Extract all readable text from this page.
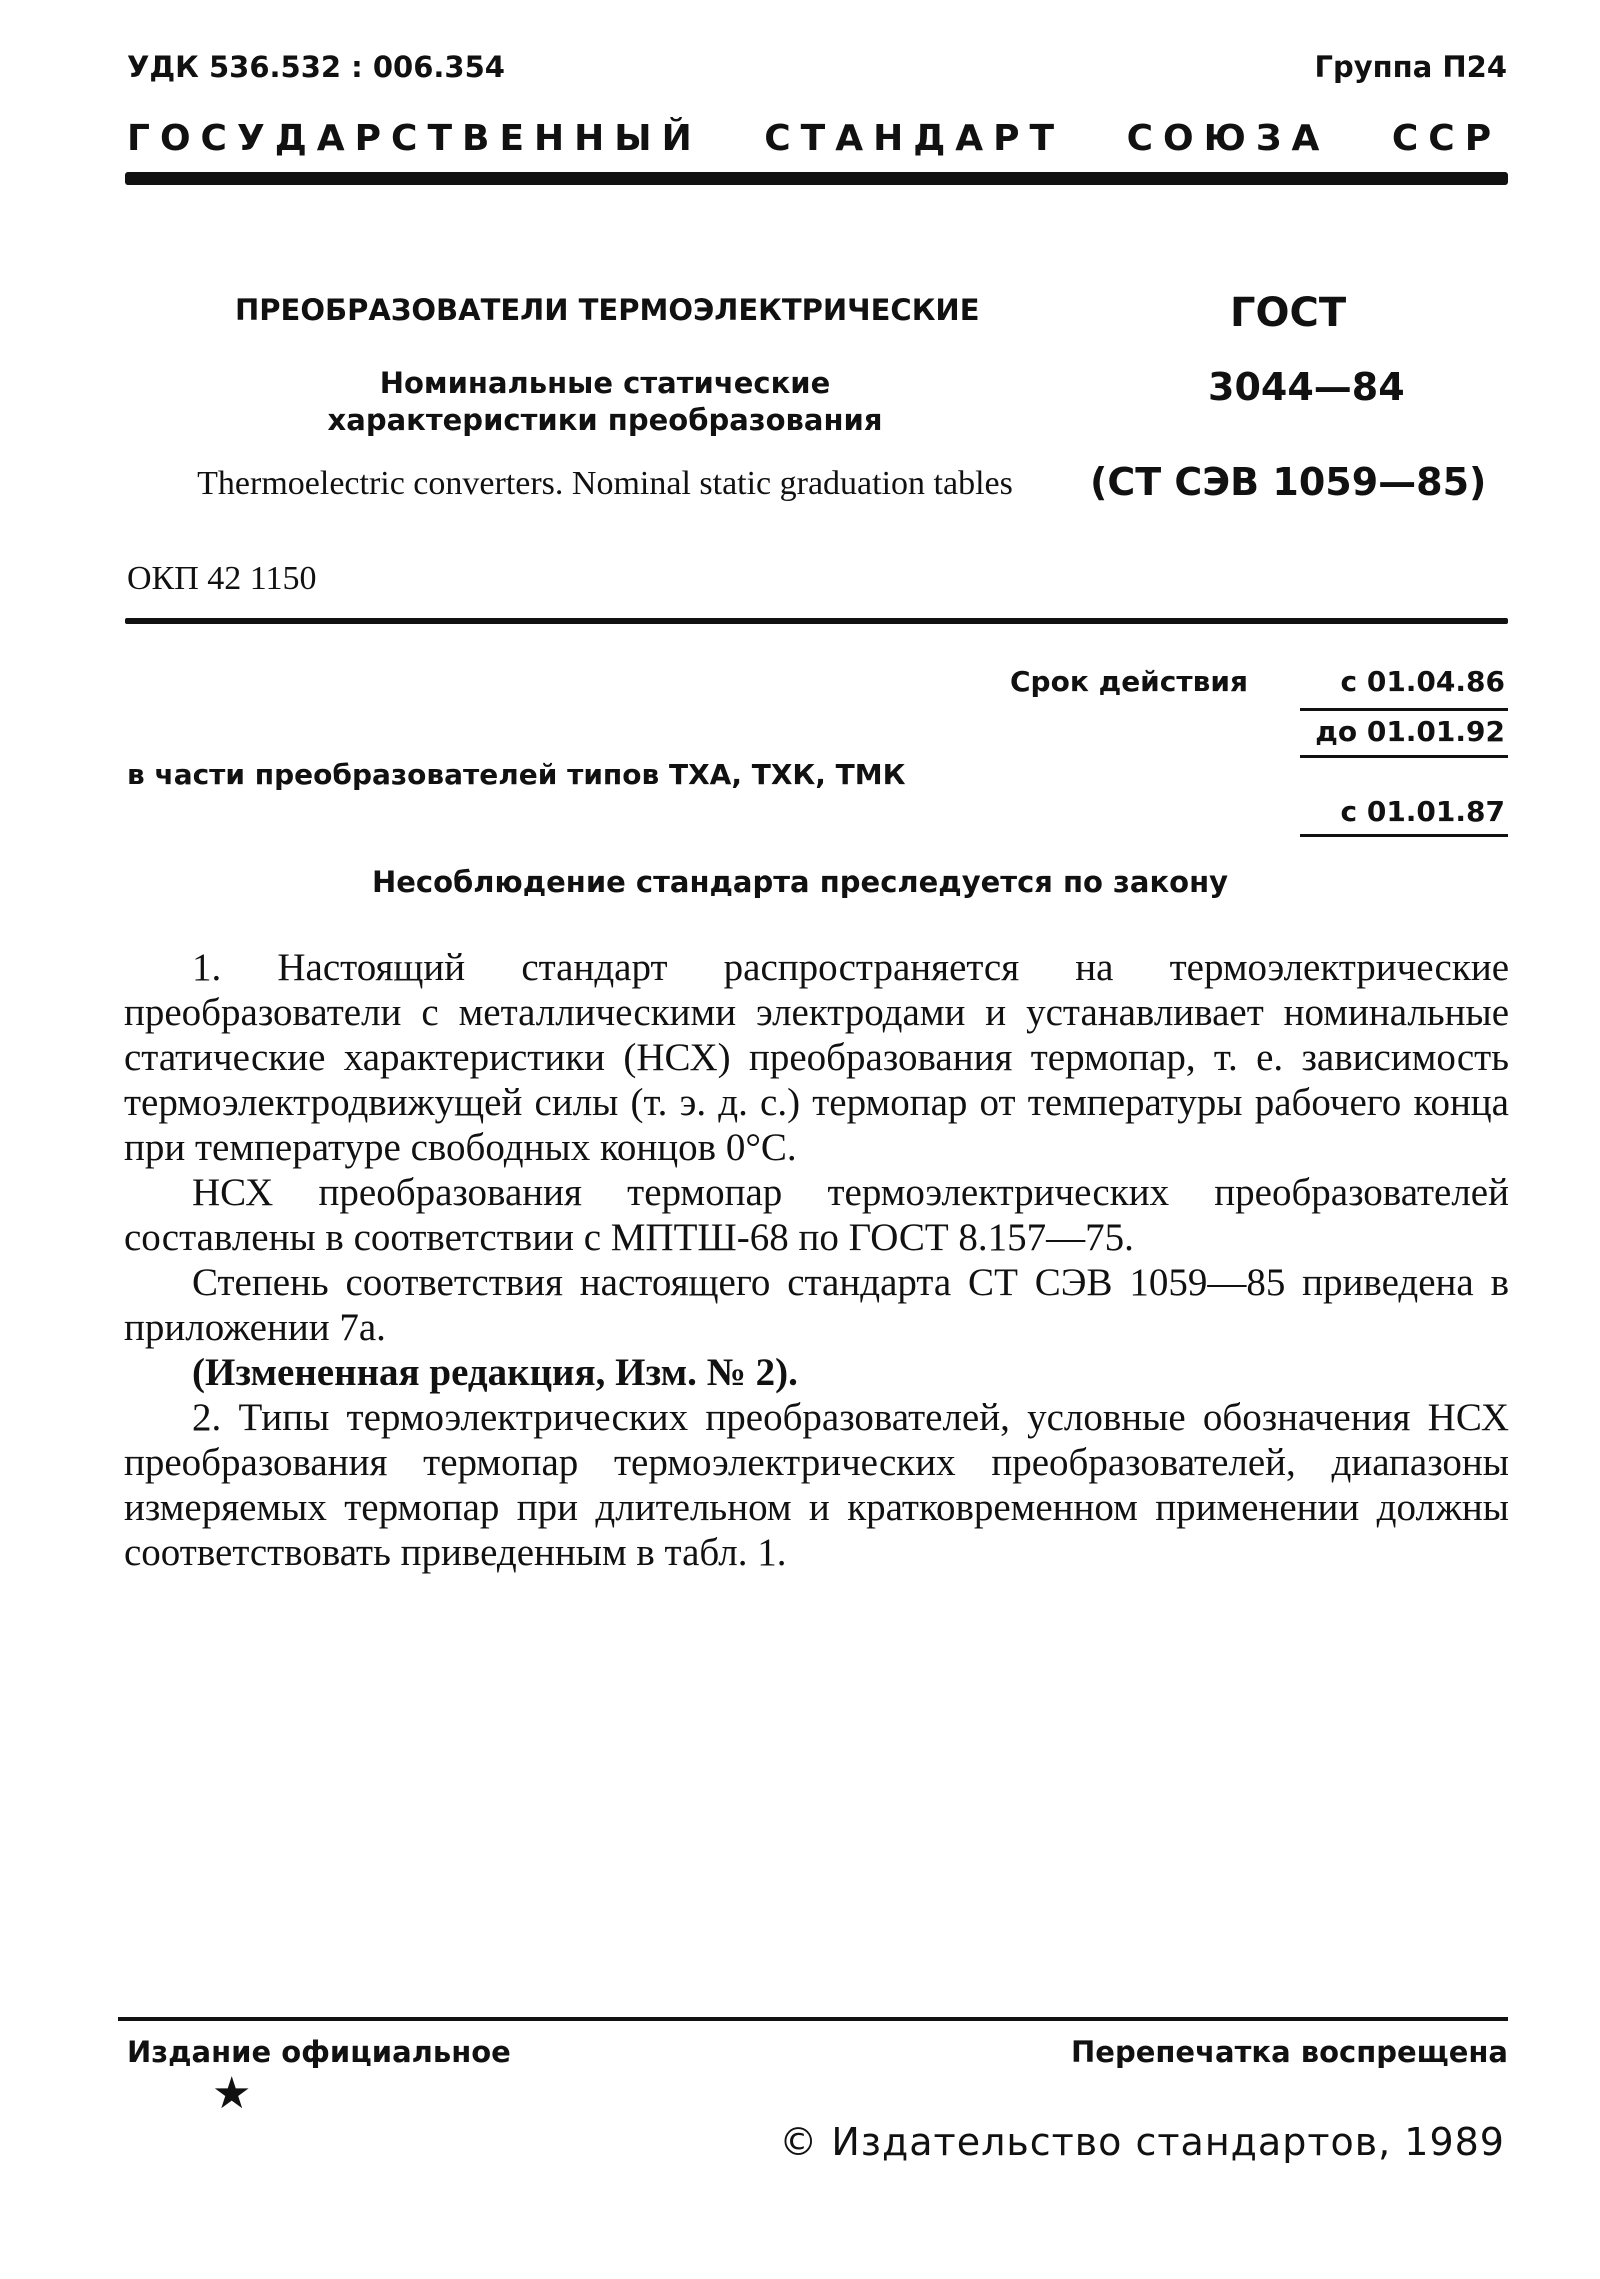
УДК 536.532 : 006.354	Группа П24
ГОСУДАРСТВЕННЫЙ СТАНДАРТ СОЮЗА ССР
ПРЕОБРАЗОВАТЕЛИ ТЕРМОЭЛЕКТРИЧЕСКИЕ
Номинальные статические характеристики преобразования
Thermoelectric converters. Nominal static graduation tables
ОКП 42 1150
ГОСТ
3044—84
(СТ СЭВ 1059—85)
Срок действия	с 01.04.86
до 01.01.92
в части преобразователей типов ТХА, ТХК, ТМК
с 01.01.87
Несоблюдение стандарта преследуется по закону

1. Настоящий стандарт распространяется на термоэлектрические преобразователи с металлическими электродами и устанавливает номинальные статические характеристики (НСХ) преобразования термопар, т. е. зависимость термоэлектродвижущей силы (т. э. д. с.) термопар от температуры рабочего конца при температуре свободных концов 0°С.

НСХ преобразования термопар термоэлектрических преобразователей составлены в соответствии с МПТШ-68 по ГОСТ 8.157—75.

Степень соответствия настоящего стандарта СТ СЭВ 1059—85 приведена в приложении 7а.

(Измененная редакция, Изм. № 2).

2. Типы термоэлектрических преобразователей, условные обозначения НСХ преобразования термопар термоэлектрических преобразователей, диапазоны измеряемых термопар при длительном и кратковременном применении должны соответствовать приведенным в табл. 1.

Издание официальное
★
Перепечатка воспрещена
© Издательство стандартов, 1989
